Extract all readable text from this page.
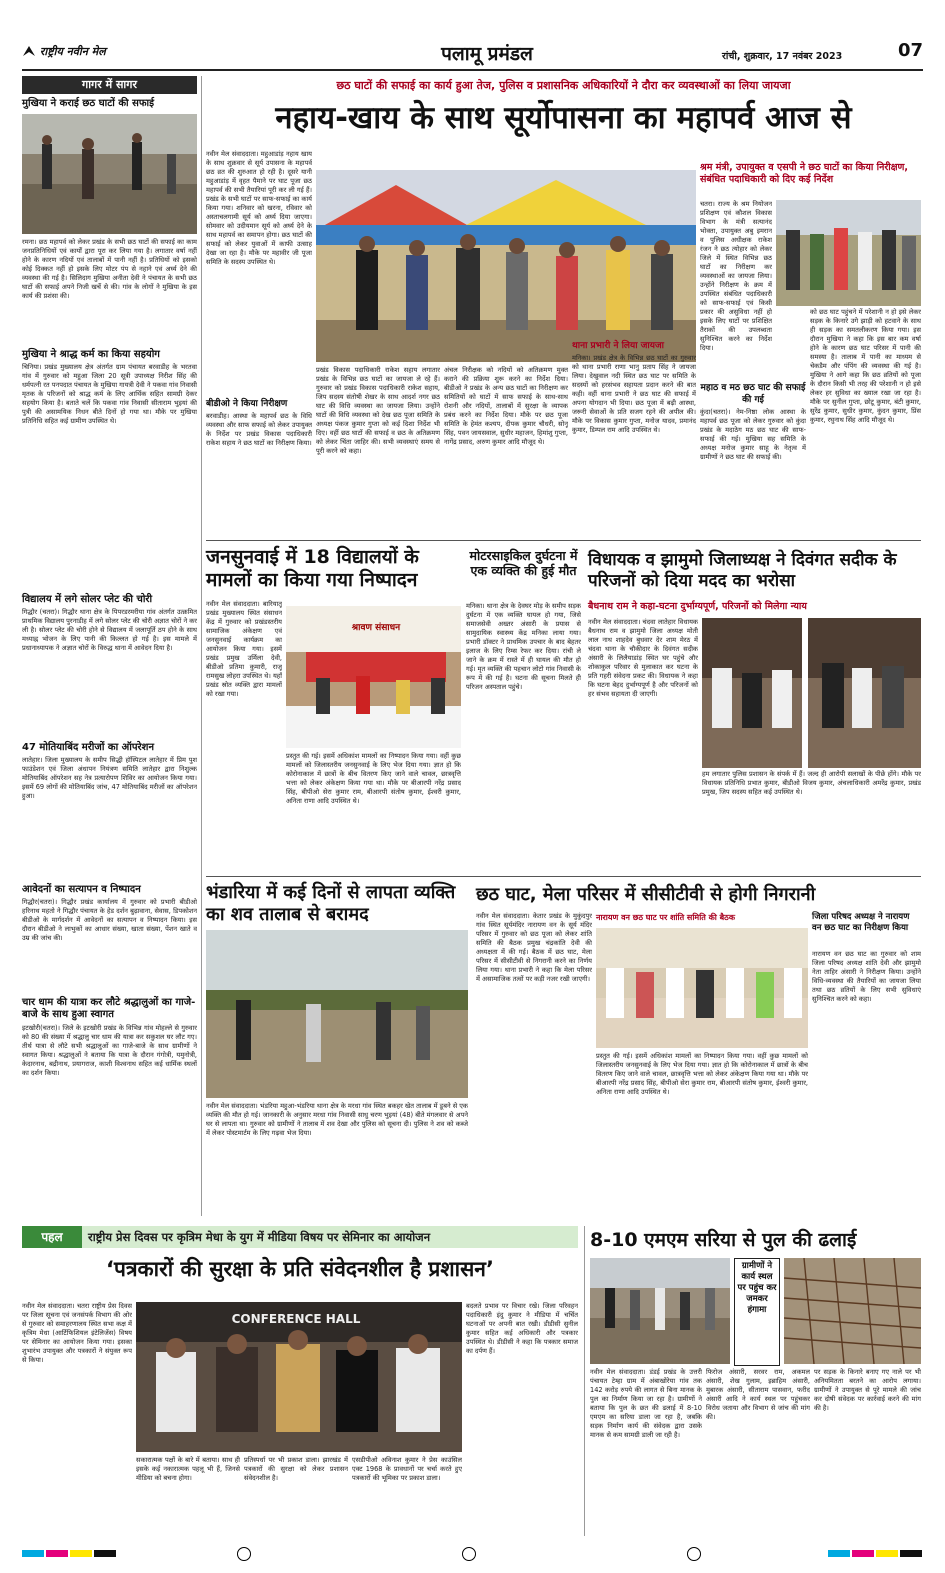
राष्ट्रीय नवीन मेल	पलामू प्रमंडल	रांची, शुक्रवार, 17 नवंबर 2023	07
गागर में सागर
मुखिया ने कराई छठ घाटों की सफाई
रमना। छठ महापर्व को लेकर प्रखंड के सभी छठ घाटों की सफाई का काम जनप्रतिनिधियों एवं कार्यों द्वारा पूरा कर लिया गया है। लगातार वर्षा नहीं होने के कारण नदियों एवं तालाबों में पानी नहीं है। प्रतिधियों को इसको कोई दिक्कत नहीं हो इसके लिए मोटर पंप से नहाने एवं अर्घ्य देने की व्यवस्था की गई है। सिलिदाग मुखिया अनीता देवी ने पंचायत के सभी छठ घाटों की सफाई अपने निजी खर्चे से की। गांव के लोगों ने मुखिया के इस कार्य की प्रशंसा की।
मुखिया ने श्राद्ध कर्म का किया सहयोग
चिनिया। प्रखंड मुख्यालय क्षेत्र अंतर्गत ग्राम पंचायत बरवाडीह के भरतवा गांव में गुरुवार को महुआ जिला 20 सूत्री उपाध्यक्ष निरीश सिंह की धर्मपत्नी रत पनपदात पंचायत के मुखिया गायत्री देवी ने पकवा गांव निवासी मृतक के परिजनों को श्राद्ध कर्म के लिए आर्थिक सहित सामग्री देकर सहयोग किया है। बताते चलें कि पकवा गांव निवासी सीताराम भुइयां की पुत्री की असामयिक निधन बीते दिनों हो गया था। मौके पर मुखिया प्रतिनिधि सहित कई ग्रामीण उपस्थित थे।
विद्यालय में लगे सोलर प्लेट की चोरी
गिद्धौर (चतरा)। गिद्धौर थाना क्षेत्र के पिपरडरमरीया गांव अंतर्गत उत्क्रमित प्राथमिक विद्यालय पुरनाडीह में लगे सोलर प्लेट की चोरी अज्ञात चोरों ने कर ली है। सोलर प्लेट की चोरी होने से विद्यालय में जलापूर्ति ठप होने के साथ मध्याह्न भोजन के लिए पानी की किल्लत हो गई है। इस मामले में प्रधानाध्यापक ने अज्ञात चोरों के विरुद्ध थाना में आवेदन दिया है।
47 मोतियाबिंद मरीजों का ऑपरेशन
लातेहार। जिला मुख्यालय के समीप सिद्धी हॉस्पिटल लातेहार में प्रिम पुश फाउंडेशन एवं जिला अंधापन नियंत्रण समिति लातेहार द्वारा निशुल्क मोतियाबिंद ऑपरेशन सह नेत्र प्रत्यारोपण शिविर का आयोजन किया गया। इसमें 69 लोगों की मोतियाबिंद जांच, 47 मोतियाबिंद मरीजों का ऑपरेशन हुआ।
आवेदनों का सत्यापन व निष्पादन
गिद्धौर(चतरा)। गिद्धौर प्रखंड कार्यालय में गुरुवार को प्रभारी बीडीओ हरिनाथ महतो ने गिद्धौर पंचायत के हेड दर्शन बुढ़ावाना, सेवास, डिपकोशन बीडीओ के मार्गदर्शन में आवेदनों का सत्यापन व निष्पादन किया। इस दौरान बीडीओ ने लाभुकों का आधार संख्या, खाता संख्या, पेंशन खाते व उम्र की जांच की।
चार धाम की यात्रा कर लौटे श्रद्धालुओं का गाजे-बाजे के साथ हुआ स्वागत
इटखोरी(चतरा)। जिले के इटखोरी प्रखंड के विभिन्न गांव मोहल्ले से गुरुवार को 80 की संख्या में श्रद्धालु चार धाम की यात्रा कर सकुशल घर लौट गए। तीर्थ यात्रा से लौटे सभी श्रद्धालुओं का गाजे-बाजे के साथ ग्रामीणों ने स्वागत किया। श्रद्धालुओं ने बताया कि यात्रा के दौरान गंगोत्री, यमुनोत्री, केदारनाथ, बद्रीनाथ, प्रयागराज, काशी विश्वनाथ सहित कई धार्मिक स्थलों का दर्शन किया।
छठ घाटों की सफाई का कार्य हुआ तेज, पुलिस व प्रशासनिक अधिकारियों ने दौरा कर व्यवस्थाओं का लिया जायजा
नहाय-खाय के साथ सूर्योपासना का महापर्व आज से
नवीन मेल संवाददाता। महुआडांड़ नहाय खाय के साथ शुक्रवार से सूर्य उपासना के महापर्व छठ व्रत की शुरुआत हो रही है। दूसरे यानी महुआडांड़ में वृहत पैमाने पर घाट पूजा छठ महापर्व की सभी तैयारियां पूरी कर ली गई हैं। प्रखंड के सभी घाटों पर साफ-सफाई का कार्य किया गया। शनिवार को खरना, रविवार को अस्ताचलगामी सूर्य को अर्घ्य दिया जाएगा। सोमवार को उदीयमान सूर्य को अर्घ्य देने के साथ महापर्व का समापन होगा। छठ घाटों की सफाई को लेकर युवाओं में काफी उत्साह देखा जा रहा है। मौके पर महावीर जी पूजा समिति के सदस्य उपस्थित थे।
बीडीओ ने किया निरीक्षण
बरवाडीह। आस्था के महापर्व छठ के विधि व्यवस्था और साफ सफाई को लेकर उपायुक्त के निर्देश पर प्रखंड विकास पदाधिकारी राकेश सहाय ने छठ घाटों का निरीक्षण किया।
प्रखंड विकास पदाधिकारी राकेश सहाय लगातार प्रखंड के विभिन्न छठ घाटों का जायजा ले रहे हैं। गुरुवार को प्रखंड विकास पदाधिकारी राकेश सहाय, जिप सदस्य संतोषी शेखर के साथ आदर्श नगर छठ घाट की विधि व्यवस्था का जायजा लिया। उन्होंने घाटों की विधि व्यवस्था को देख छठ पूजा समिति के अध्यक्ष पंकज कुमार गुप्ता को कई दिशा निर्देश भी दिए। वहीं छठ घाटों की सफाई व छठ के अतिक्रमण को लेकर चिंता जाहिर की। सभी व्यवस्थाएं समय से पूरी करने को कहा।
अंचल निरीक्षक को नदियों को अतिक्रमण मुक्त कराने की प्रक्रिया शुरू करने का निर्देश दिया। बीडीओ ने प्रखंड के अन्य छठ घाटों का निरीक्षण कर समितियों को घाटों में साफ सफाई के साथ-साथ रोशनी और नदियों, तालाबों में सुरक्षा के व्यापक प्रबंध करने का निर्देश दिया। मौके पर छठ पूजा समिति के हेमंत कश्यप, दीपक कुमार चौधरी, सोनू सिंह, पवन जायसवाल, सुधीर महाजन, हिमांशु गुप्ता, नागेंद्र प्रसाद, अरुण कुमार आदि मौजूद थे।
थाना प्रभारी ने लिया जायजा
मनिका। प्रखंड क्षेत्र के विभिन्न छठ घाटों का गुरुवार को थाना प्रभारी राणा भानु प्रताप सिंह ने जायजा लिया। देखुवाल नदी स्थित छठ घाट पर समिति के सदस्यों को हरसंभव सहायता प्रदान करने की बात कही। वहीं थाना प्रभारी ने छठ घाट की सफाई में अपना योगदान भी दिया। छठ पूजा में बढ़ी आस्था, जरूरी सेवाओं के प्रति सजग रहने की अपील की। मौके पर विकास कुमार गुप्ता, मनोज यादव, प्रमानंद कुमार, डिम्पल राम आदि उपस्थित थे।
श्रम मंत्री, उपायुक्त व एसपी ने छठ घाटों का किया निरीक्षण, संबंधित पदाधिकारी को दिए कई निर्देश
चतरा। राज्य के श्रम नियोजन प्रशिक्षण एवं कौशल विकास विभाग के मंत्री सत्यानंद भोक्ता, उपायुक्त अबु इमरान व पुलिस अधीक्षक राकेश रंजन ने छठ त्योहार को लेकर जिले में स्थित विभिन्न छठ घाटों का निरीक्षण कर व्यवस्थाओं का जायजा लिया। उन्होंने निरीक्षण के क्रम में उपस्थित संबंधित पदाधिकारी को साफ-सफाई एवं किसी प्रकार की असुविधा नहीं हो इसके लिए घाटों पर प्रशिक्षित तैराकों की उपलब्धता सुनिश्चित करने का निर्देश दिया।
को छठ घाट पहुंचने में परेशानी न हो इसे लेकर सड़क के किनारे उगे झाड़ी को हटवाने के साथ ही सड़क का समतलीकरण किया गया। इस दौरान मुखिया ने कहा कि इस बार कम वर्षा होने के कारण छठ घाट परिसर में पानी की समस्या है। तालाब में पानी का माध्यम से चेकडैम और पंपिंग की व्यवस्था की गई है। मुखिया ने आगे कहा कि छठ व्रतियों को पूजा के दौरान किसी भी तरह की परेशानी न हो इसे लेकर हर सुविधा का ख्याल रखा जा रहा है। मौके पर सुनील गुप्ता, छोटू कुमार, बंटी कुमार, सुरेंद्र कुमार, सुधीर कुमार, कुंदन कुमार, प्रिंस कुमार, रघुनाथ सिंह आदि मौजूद थे।
महाठ व मठ छठ घाट की सफाई की गई
कुंदा(चतरा)। नेम-निष्ठा लोक आस्था के महापर्व छठ पूजा को लेकर गुरुवार को कुंदा प्रखंड के मदाठेग मठ छठ घाट की साफ-सफाई की गई। मुखिया सह समिति के अध्यक्ष मनोज कुमार साहू के नेतृत्व में ग्रामीणों ने छठ घाट की सफाई की।
जनसुनवाई में 18 विद्यालयों के मामलों का किया गया निष्पादन
नवीन मेल संवाददाता। बारियातू प्रखंड मुख्यालय स्थित संसाधन केंद्र में गुरुवार को प्रखंडस्तरीय सामाजिक अंकेक्षण एवं जनसुनवाई कार्यक्रम का आयोजन किया गया। इसमें प्रखंड प्रमुख उर्मिला देवी, बीडीओ प्रतिमा कुमारी, राजू रामसुख लोहरा उपस्थित थे। यहाँ प्रखंड स्रोत व्यक्ति द्वारा मामलों को रखा गया।
श्रावण संसाधन
प्रस्तुत की गई। इसमें अधिकांश मामलों का निष्पादन किया गया। वहीं कुछ मामलों को जिलास्तरीय जनसुनवाई के लिए भेज दिया गया। ज्ञात हो कि कोरोनाकाल में छात्रों के बीच वितरण किए जाने वाले चावल, छात्रवृत्ति भत्ता को लेकर अंकेक्षण किया गया था। मौके पर बीआरपी नरेंद्र प्रसाद सिंह, बीपीओ सेरा कुमार राम, बीआरपी संतोष कुमार, ईश्वरी कुमार, अनिता राणा आदि उपस्थित थे।
मोटरसाइकिल दुर्घटना में एक व्यक्ति की हुई मौत
मनिका। थाना क्षेत्र के देवघर मोड़ के समीप सड़क दुर्घटना में एक व्यक्ति घायल हो गया, जिसे समाजसेवी अख्तर अंसारी के प्रयास से सामुदायिक स्वास्थ्य केंद्र मनिका लाया गया। प्रभारी डॉक्टर ने प्राथमिक उपचार के बाद बेहतर इलाज के लिए रिम्स रेफर कर दिया। रांची ले जाने के क्रम में रास्ते में ही घायल की मौत हो गई। मृत व्यक्ति की पहचान लोटो गांव निवासी के रूप में की गई है। घटना की सूचना मिलते ही परिजन अस्पताल पहुंचे।
विधायक व झामुमो जिलाध्यक्ष ने दिवंगत सदीक के परिजनों को दिया मदद का भरोसा
बैधनाथ राम ने कहा-घटना दुर्भाग्यपूर्ण, परिजनों को मिलेगा न्याय
नवीन मेल संवाददाता। चंदवा लातेहार विधायक बैधनाथ राम व झामुमो जिला अध्यक्ष मोती लाल नाथ शाहदेव बुधवार देर शाम मेरठ में चंदवा थाना के चौकीदार के दिवंगत सदीक अंसारी के लिलैयाडांड़ स्थित घर पहुंचे और शोकाकुल परिवार से मुलाकात कर घटना के प्रति गहरी संवेदना प्रकट की। विधायक ने कहा कि घटना बेहद दुर्भाग्यपूर्ण है और परिजनों को हर संभव सहायता दी जाएगी।
हम लगातार पुलिस प्रशासन के संपर्क में हैं। जल्द ही आरोपी सलाखों के पीछे होंगे। मौके पर विधायक प्रतिनिधि प्रभात कुमार, बीडीओ विजय कुमार, अंचलाधिकारी अमरेंद्र कुमार, प्रखंड प्रमुख, जिप सदस्य सहित कई उपस्थित थे।
भंडारिया में कई दिनों से लापता व्यक्ति का शव तालाब से बरामद
नवीन मेल संवाददाता। भंडरिया महुआ-भंडरिया थाना क्षेत्र के मरधा गांव स्थित बकहर खेत तालाब में डूबने से एक व्यक्ति की मौत हो गई। जानकारी के अनुसार मरधा गांव निवासी साधु चरण भुइयां (48) बीते मंगलवार से अपने घर से लापता था। गुरुवार को ग्रामीणों ने तालाब में शव देखा और पुलिस को सूचना दी। पुलिस ने शव को कब्जे में लेकर पोस्टमार्टम के लिए गढ़वा भेज दिया।
छठ घाट, मेला परिसर में सीसीटीवी से होगी निगरानी
नवीन मेल संवाददाता। केतार प्रखंड के मुकुंदपुर गांव स्थित सूर्यमंदिर नारायण वन के सूर्य मंदिर परिसर में गुरुवार को छठ पूजा को लेकर शांति समिति की बैठक प्रमुख चंद्रकांति देवी की अध्यक्षता में की गई। बैठक में छठ घाट, मेला परिसर में सीसीटीवी से निगरानी करने का निर्णय लिया गया। थाना प्रभारी ने कहा कि मेला परिसर में असामाजिक तत्वों पर कड़ी नजर रखी जाएगी।
नारायण वन छठ घाट पर शांति समिति की बैठक
प्रस्तुत की गई। इसमें अधिकांश मामलों का निष्पादन किया गया। वहीं कुछ मामलों को जिलास्तरीय जनसुनवाई के लिए भेज दिया गया। ज्ञात हो कि कोरोनाकाल में छात्रों के बीच वितरण किए जाने वाले चावल, छात्रवृत्ति भत्ता को लेकर अंकेक्षण किया गया था। मौके पर बीआरपी नरेंद्र प्रसाद सिंह, बीपीओ सेरा कुमार राम, बीआरपी संतोष कुमार, ईश्वरी कुमार, अनिता राणा आदि उपस्थित थे।
जिला परिषद अध्यक्ष ने नारायण वन छठ घाट का निरीक्षण किया
नारायण वन छठ घाट का गुरुवार को शाम जिला परिषद अध्यक्ष शांति देवी और झामुमो नेता ताहिर अंसारी ने निरीक्षण किया। उन्होंने विधि-व्यवस्था की तैयारियों का जायजा लिया तथा छठ व्रतियों के लिए सभी सुविधाएं सुनिश्चित करने को कहा।
पहल	राष्ट्रीय प्रेस दिवस पर कृत्रिम मेधा के युग में मीडिया विषय पर सेमिनार का आयोजन
‘पत्रकारों की सुरक्षा के प्रति संवेदनशील है प्रशासन’
नवीन मेल संवाददाता। चतरा राष्ट्रीय प्रेस दिवस पर जिला सूचना एवं जनसंपर्क विभाग की ओर से गुरुवार को समाहरणालय स्थित सभा कक्ष में कृत्रिम मेधा (आर्टिफिशियल इंटेलिजेंस) विषय पर सेमिनार का आयोजन किया गया। इसका शुभारंभ उपायुक्त और पत्रकारों ने संयुक्त रूप से किया।
CONFERENCE HALL
सकारात्मक पक्षों के बारे में बताया। साथ ही इसके कई नकारात्मक पहलू भी हैं, जिनसे मीडिया को बचना होगा।
प्रतिस्पर्धा पर भी प्रकाश डाला। झारखंड में पत्रकारों की सुरक्षा को लेकर प्रशासन संवेदनशील है।
एसडीपीओ अविनाश कुमार ने प्रेस काउंसिल एक्ट 1968 के प्रावधानों पर चर्चा करते हुए पत्रकारों की भूमिका पर प्रकाश डाला।
बदलते प्रभाव पर विचार रखे। जिला परिवहन पदाधिकारी इंदु कुमार ने मीडिया में चर्चित घटनाओं पर अपनी बात रखी। डीडीसी सुनील कुमार सहित कई अधिकारी और पत्रकार उपस्थित थे। डीडीसी ने कहा कि पत्रकार समाज का दर्पण हैं।
8-10 एमएम सरिया से पुल की ढलाई
ग्रामीणों ने कार्य स्थल पर पहुंच कर जमकर हंगामा
नवीन मेल संवाददाता। डंडई प्रखंड के उत्तरी पंचायत टेम्हा ग्राम में अंबाखोरेया गांव तक 142 करोड़ रुपये की लागत से बिना मानक के पुल का निर्माण किया जा रहा है। ग्रामीणों ने बताया कि पुल के छत की ढलाई में 8-10 एमएम का सरिया डाला जा रहा है, जबकि सड़क निर्माण कार्य की संवेदक द्वारा उसके मानक से कम सामग्री डाली जा रही है।
फिरोज अंसारी, सरवर राम, अकमल अंसारी, शेख गुलाम, इब्राहिम अंसारी, मुबारक अंसारी, सीताराम पासवान, फरीद अंसारी आदि ने कार्य स्थल पर पहुंचकर विरोध जताया और विभाग से जांच की मांग की।
पर सड़क के किनारे बनाए गए नाले पर भी अनियमितता बरतने का आरोप लगाया। ग्रामीणों ने उपायुक्त से पूरे मामले की जांच कर दोषी संवेदक पर कार्रवाई करने की मांग की है।
